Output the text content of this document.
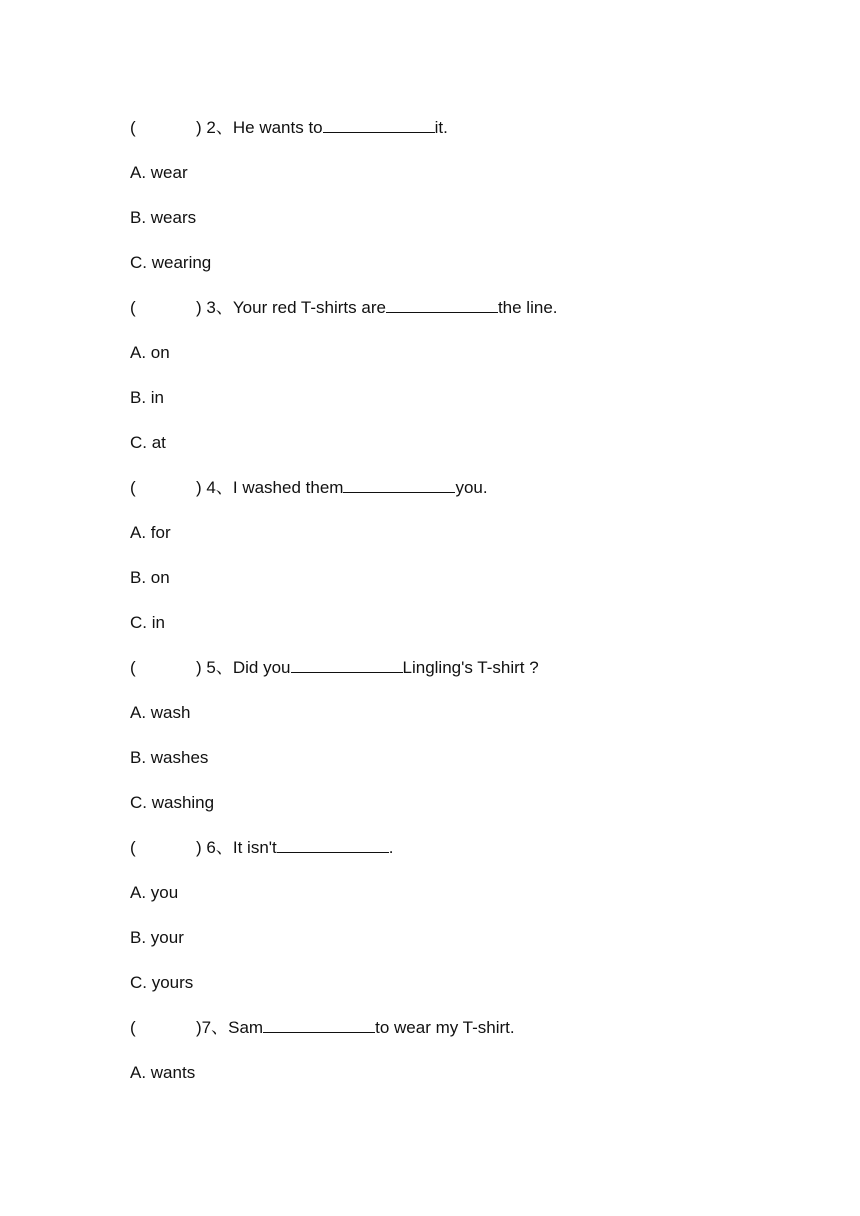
(	) 2、He wants to	it.
A. wear
B. wears
C. wearing
(	) 3、Your red T-shirts are	the line.
A. on
B. in
C. at
(	) 4、I washed them	you.
A. for
B. on
C. in
(	) 5、Did you	Lingling's T-shirt ?
A. wash
B. washes
C. washing
(	) 6、It isn't	.
A. you
B. your
C. yours
(	)7、Sam	to wear my T-shirt.
A. wants
